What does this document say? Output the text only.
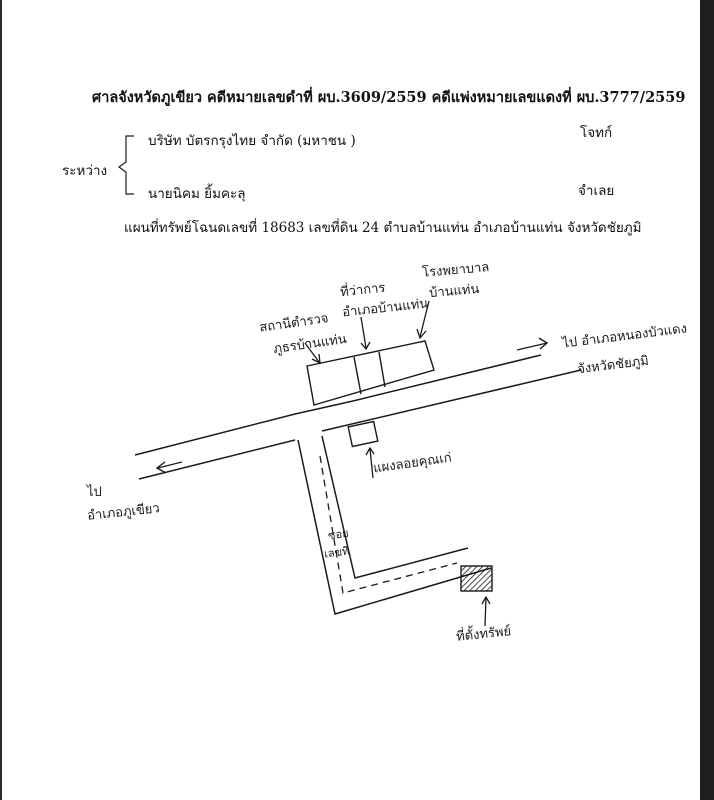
ศาลจังหวัดภูเขียว คดีหมายเลขดำที่ ผบ.3609/2559 คดีแพ่งหมายเลขแดงที่ ผบ.3777/2559
ระหว่าง
บริษัท บัตรกรุงไทย จำกัด (มหาชน )	โจทก์
นายนิคม ยิ้มคะลุ	จำเลย
แผนที่ทรัพย์โฉนดเลขที่ 18683 เลขที่ดิน 24 ตำบลบ้านแท่น อำเภอบ้านแท่น จังหวัดชัยภูมิ
สถานีตำรวจ
ภูธรบ้านแท่น
ที่ว่าการ
อำเภอบ้านแท่น
โรงพยาบาล
บ้านแท่น
ไป อำเภอหนองบัวแดง
จังหวัดชัยภูมิ
ไป
อำเภอภูเขียว
แผงลอยคุณเก่
ซอย
เลขที่
ที่ตั้งทรัพย์
